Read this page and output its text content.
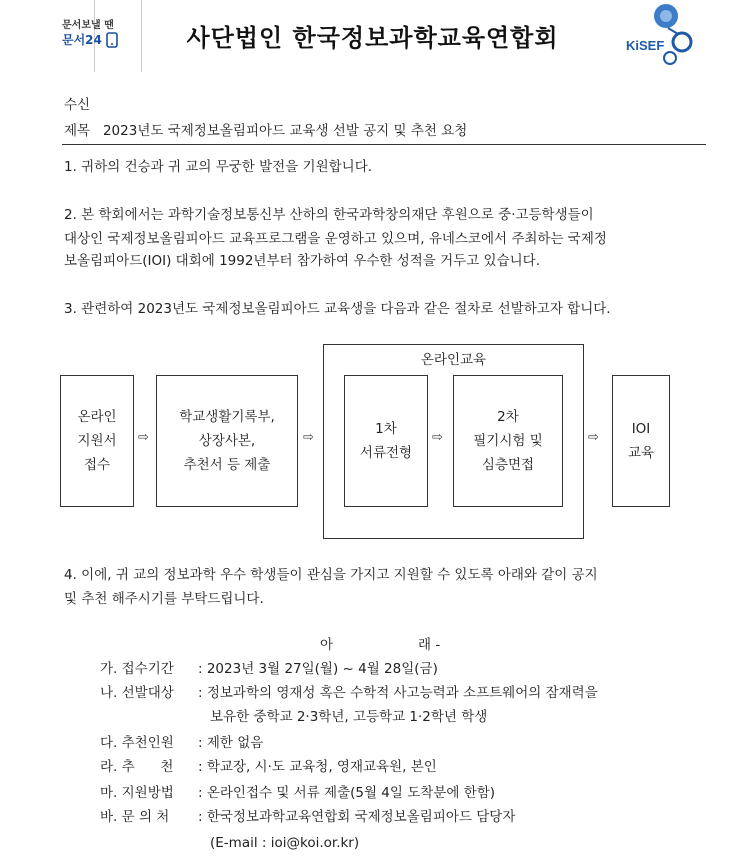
문서보낼 땐
문서24	사단법인 한국정보과학교육연합회	KiSEF
수신
제목 2023년도 국제정보올림피아드 교육생 선발 공지 및 추천 요청
1. 귀하의 건승과 귀 교의 무궁한 발전을 기원합니다.
2. 본 학회에서는 과학기술정보통신부 산하의 한국과학창의재단 후원으로 중·고등학생들이
대상인 국제정보올림피아드 교육프로그램을 운영하고 있으며, 유네스코에서 주최하는 국제정
보올림피아드(IOI) 대회에 1992년부터 참가하여 우수한 성적을 거두고 있습니다.
3. 관련하여 2023년도 국제정보올림피아드 교육생을 다음과 같은 절차로 선발하고자 합니다.
온라인교육
온라인
지원서
접수
⇨
학교생활기록부,
상장사본,
추천서 등 제출
⇨
1차
서류전형
⇨
2차
필기시험 및
심층면접
⇨
IOI
교육
4. 이에, 귀 교의 정보과학 우수 학생들이 관심을 가지고 지원할 수 있도록 아래와 같이 공지
및 추천 해주시기를 부탁드립니다.
아	래 -
가. 접수기간 : 2023년 3월 27일(월) ~ 4월 28일(금)
나. 선발대상 : 정보과학의 영재성 혹은 수학적 사고능력과 소프트웨어의 잠재력을
보유한 중학교 2·3학년, 고등학교 1·2학년 학생
다. 추천인원 : 제한 없음
라. 추      천 : 학교장, 시·도 교육청, 영재교육원, 본인
마. 지원방법 : 온라인접수 및 서류 제출(5월 4일 도착분에 한함)
바. 문 의 처 : 한국정보과학교육연합회 국제정보올림피아드 담당자
(E-mail : ioi@koi.or.kr)
